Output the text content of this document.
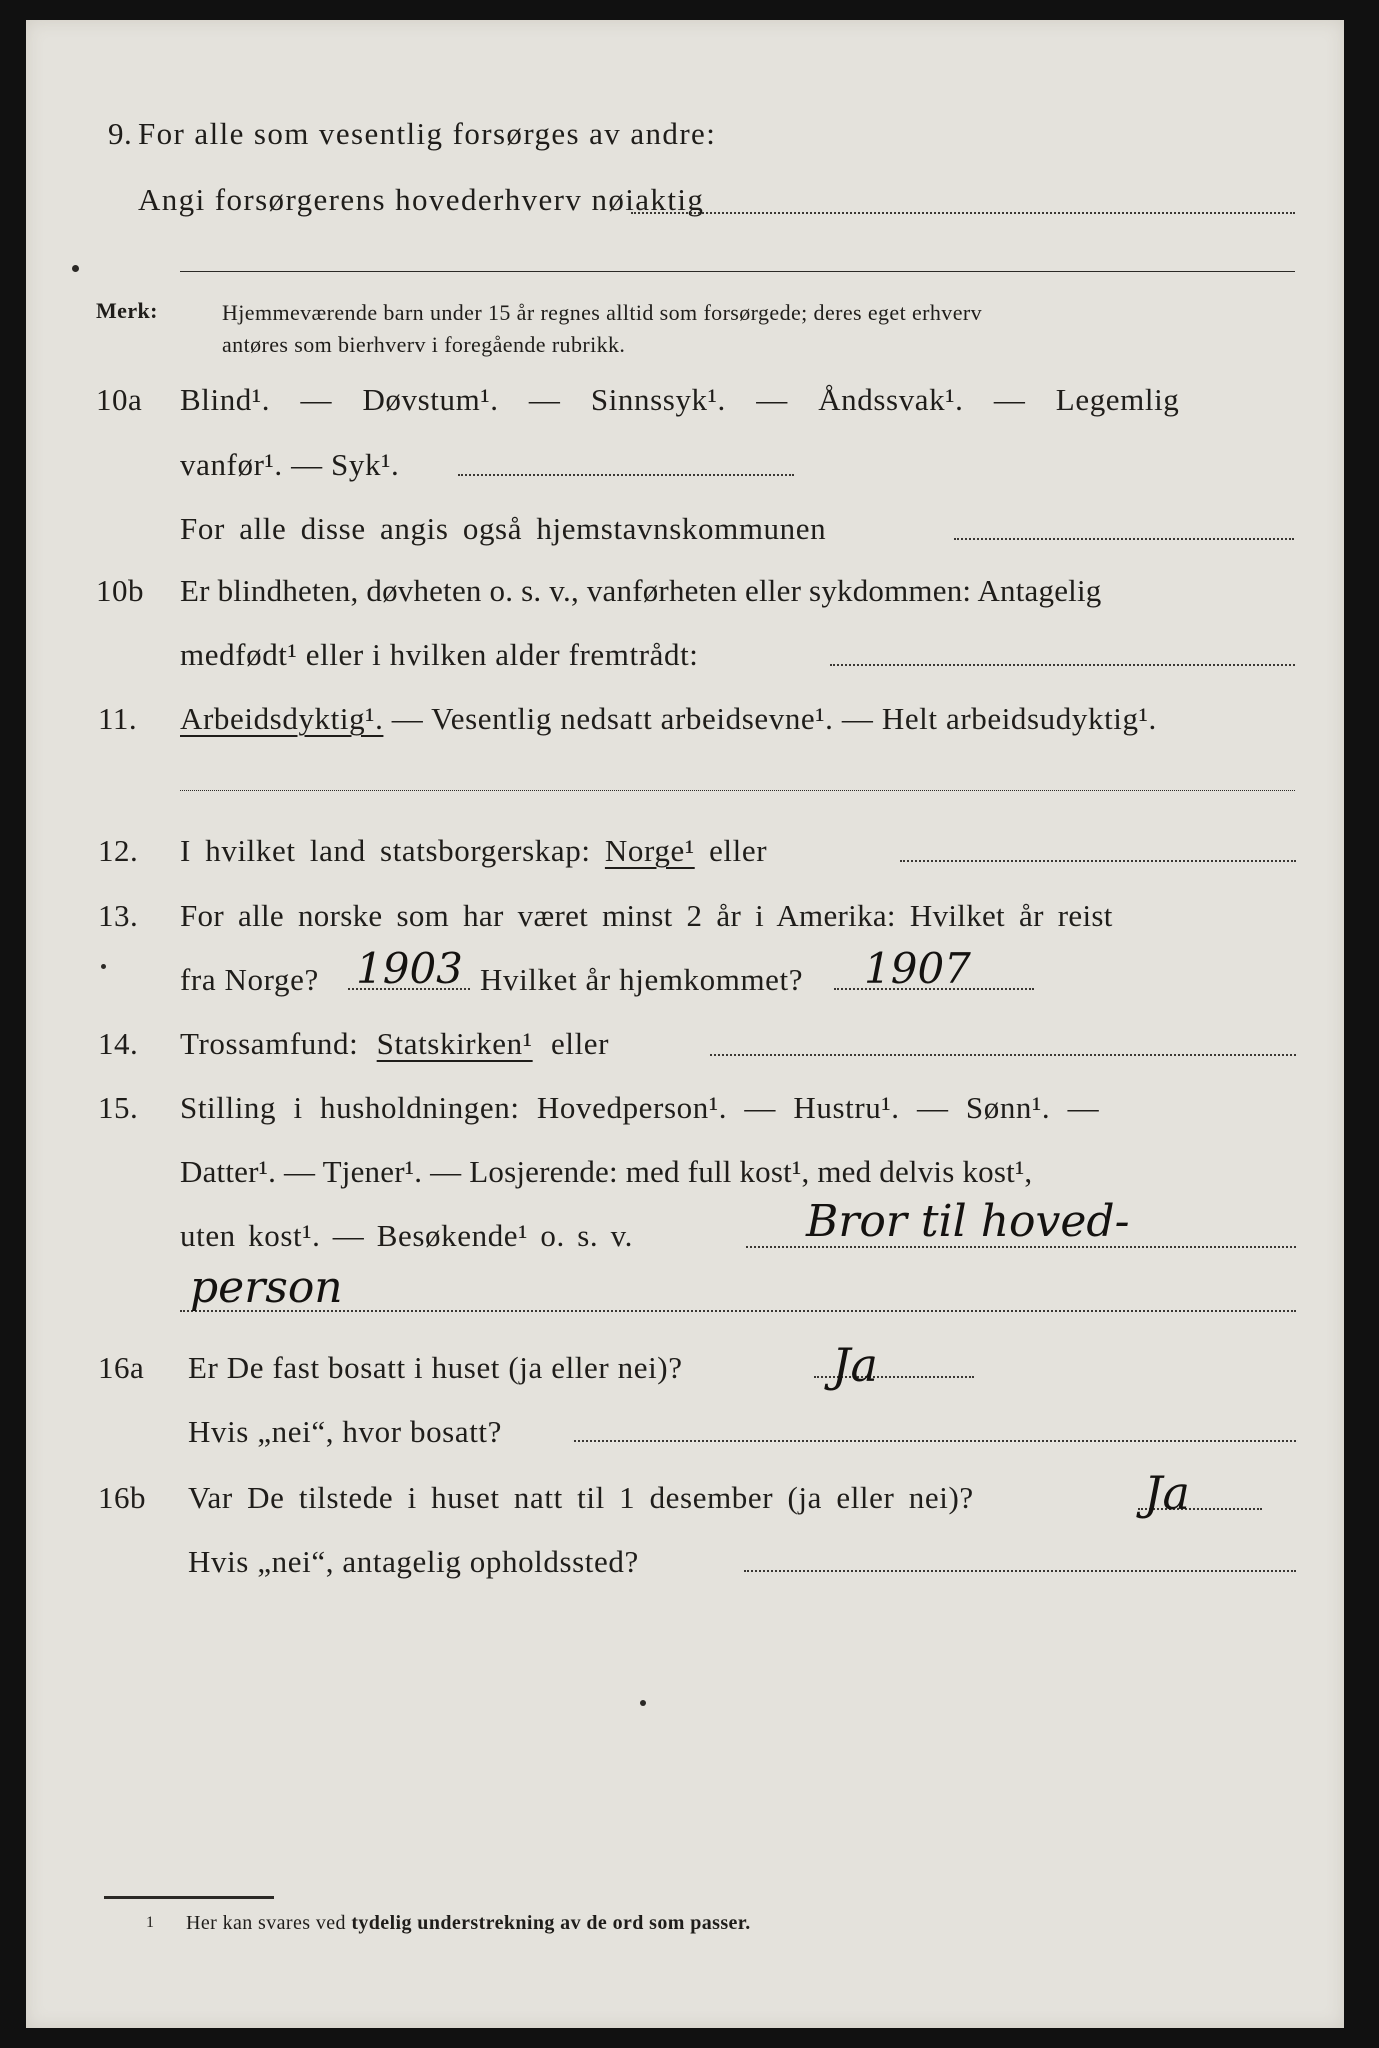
9. For alle som vesentlig forsørges av andre:
Angi forsørgerens hovederhverv nøiaktig
Merk:	Hjemmeværende barn under 15 år regnes alltid som forsørgede; deres eget erhverv
antøres som bierhverv i foregående rubrikk.
10a Blind¹. — Døvstum¹. — Sinnssyk¹. — Åndssvak¹. — Legemlig
vanfør¹. — Syk¹.
For alle disse angis også hjemstavnskommunen
10b Er blindheten, døvheten o. s. v., vanførheten eller sykdommen: Antagelig
medfødt¹ eller i hvilken alder fremtrådt:
11. Arbeidsdyktig¹. — Vesentlig nedsatt arbeidsevne¹. — Helt arbeidsudyktig¹.
12. I hvilket land statsborgerskap: Norge¹ eller
13. For alle norske som har været minst 2 år i Amerika: Hvilket år reist
fra Norge? 1903 Hvilket år hjemkommet? 1907
14. Trossamfund: Statskirken¹ eller
15. Stilling i husholdningen: Hovedperson¹. — Hustru¹. — Sønn¹. —
Datter¹. — Tjener¹. — Losjerende: med full kost¹, med delvis kost¹,
uten kost¹. — Besøkende¹ o. s. v.	Bror til hoved-
person
16a Er De fast bosatt i huset (ja eller nei)?	Ja
Hvis „nei“, hvor bosatt?
16b Var De tilstede i huset natt til 1 desember (ja eller nei)?	Ja
Hvis „nei“, antagelig opholdssted?
1 Her kan svares ved tydelig understrekning av de ord som passer.
